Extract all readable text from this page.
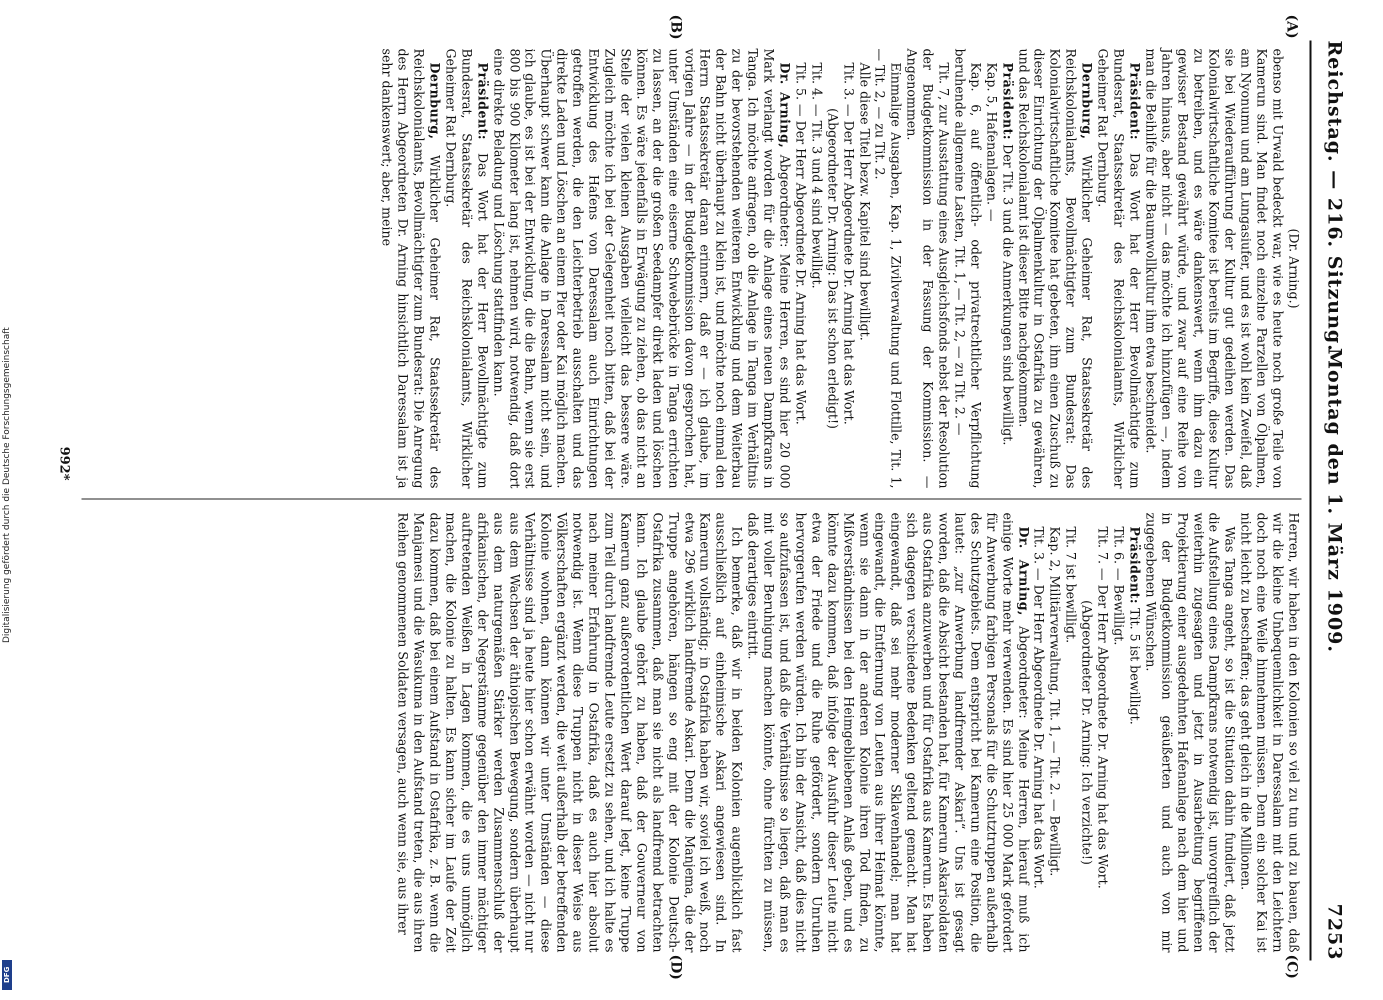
Reichstag. — 216. Sitzung.
Montag den 1. März 1909.
7253
(A)
(B)
(C)
(D)

(Dr. Arning.)

ebenso mit Urwald bedeckt war, wie es heute noch große Teile von Kamerun sind. Man findet noch einzelne Parzellen von Ölpalmen, am Nyonumu und am Lungasiufer, und es ist wohl kein Zweifel, daß sie bei Wiederaufführung der Kultur gut gedeihen werden. Das Kolonialwirtschaftliche Komitee ist bereits im Begriffe, diese Kultur zu betreiben, und es wäre dankenswert, wenn ihm dazu ein gewisser Bestand gewährt würde, und zwar auf eine Reihe von Jahren hinaus, aber nicht — das möchte ich hinzufügen —, indem man die Beihilfe für die Baumwollkultur ihm etwa beschneidet.

Präsident: Das Wort hat der Herr Bevollmächtigte zum Bundesrat, Staatssekretär des Reichskolonialamts, Wirklicher Geheimer Rat Dernburg.

Dernburg, Wirklicher Geheimer Rat, Staatssekretär des Reichskolonialamts, Bevollmächtigter zum Bundesrat: Das Kolonialwirtschaftliche Komitee hat gebeten, ihm einen Zuschuß zu dieser Einrichtung der Ölpalmenkultur in Ostafrika zu gewähren, und das Reichskolonialamt ist dieser Bitte nachgekommen.

Präsident: Der Tit. 3 und die Anmerkungen sind bewilligt.

Kap. 5, Hafenanlagen. —

Kap. 6, auf öffentlich- oder privatrechtlicher Verpflichtung beruhende allgemeine Lasten, Tit. 1, — Tit. 2, — zu Tit. 2. —

Tit. 7, zur Ausstattung eines Ausgleichsfonds nebst der Resolution der Budgetkommission in der Fassung der Kommission. — Angenommen.

Einmalige Ausgaben, Kap. 1, Zivilverwaltung und Flottille, Tit. 1, — Tit. 2, — zu Tit. 2.

Alle diese Titel bezw. Kapitel sind bewilligt.

Tit. 3. — Der Herr Abgeordnete Dr. Arning hat das Wort.

(Abgeordneter Dr. Arning: Das ist schon erledigt!)

Tit. 4. — Tit. 3 und 4 sind bewilligt.

Tit. 5. — Der Herr Abgeordnete Dr. Arning hat das Wort.

Dr. Arning, Abgeordneter: Meine Herren, es sind hier 20 000 Mark verlangt worden für die Anlage eines neuen Dampfkrans in Tanga. Ich möchte anfragen, ob die Anlage in Tanga im Verhältnis zu der bevorstehenden weiteren Entwicklung und dem Weiterbau der Bahn nicht überhaupt zu klein ist, und möchte noch einmal den Herrn Staatssekretär daran erinnern, daß er — ich glaube, im vorigen Jahre — in der Budgetkommission davon gesprochen hat, unter Umständen eine eiserne Schwebebrücke in Tanga errichten zu lassen, an der die großen Seedampfer direkt laden und löschen können. Es wäre jedenfalls in Erwägung zu ziehen, ob das nicht an Stelle der vielen kleinen Ausgaben vielleicht das bessere wäre. Zugleich möchte ich bei der Gelegenheit noch bitten, daß bei der Entwicklung des Hafens von Daressalam auch Einrichtungen getroffen werden, die den Leichterbetrieb ausschalten und das direkte Laden und Löschen an einem Pier oder Kai möglich machen. Überhaupt schwer kann die Anlage in Daressalam nicht sein, und ich glaube, es ist bei der Entwicklung, die die Bahn, wenn sie erst 800 bis 900 Kilometer lang ist, nehmen wird, notwendig, daß dort eine direkte Beladung und Löschung stattfinden kann.

Präsident: Das Wort hat der Herr Bevollmächtigte zum Bundesrat, Staatssekretär des Reichskolonialamts, Wirklicher Geheimer Rat Dernburg.

Dernburg, Wirklicher Geheimer Rat, Staatssekretär des Reichskolonialamts, Bevollmächtigter zum Bundesrat: Die Anregung des Herrn Abgeordneten Dr. Arning hinsichtlich Daressalam ist ja sehr dankenswert; aber, meine

Herren, wir haben in den Kolonien so viel zu tun und zu bauen, daß wir die kleine Unbequemlichkeit in Daressalam mit den Leichtern doch noch eine Weile hinnehmen müssen. Denn ein solcher Kai ist nicht leicht zu beschaffen; das geht gleich in die Millionen.

Was Tanga angeht, so ist die Situation dahin fundiert, daß jetzt die Aufstellung eines Dampfkrans notwendig ist, unvorgreiflich der weiterhin zugesagten und jetzt in Ausarbeitung begriffenen Projektierung einer ausgedehnten Hafenanlage nach dem hier und in der Budgetkommission geäußerten und auch von mir zugegebenen Wünschen.

Präsident: Tit. 5 ist bewilligt.

Tit. 6. — Bewilligt.

Tit. 7. — Der Herr Abgeordnete Dr. Arning hat das Wort.

(Abgeordneter Dr. Arning: Ich verzichte!)

Tit. 7 ist bewilligt.

Kap. 2, Militärverwaltung, Tit. 1, — Tit. 2. — Bewilligt.

Tit. 3. — Der Herr Abgeordnete Dr. Arning hat das Wort.

Dr. Arning, Abgeordneter: Meine Herren, hierauf muß ich einige Worte mehr verwenden. Es sind hier 25 000 Mark gefordert für Anwerbung farbigen Personals für die Schutztruppen außerhalb des Schutzgebiets. Dem entspricht bei Kamerun eine Position, die lautet: „zur Anwerbung landfremder Askari“. Uns ist gesagt worden, daß die Absicht bestanden hat, für Kamerun Askarisoldaten aus Ostafrika anzuwerben und für Ostafrika aus Kamerun. Es haben sich dagegen verschiedene Bedenken geltend gemacht. Man hat eingewandt, daß sei mehr moderner Sklavenhandel; man hat eingewandt, die Entfernung von Leuten aus ihrer Heimat könnte, wenn sie dann in der anderen Kolonie ihren Tod finden, zu Mißverständnissen bei den Heimgebliebenen Anlaß geben, und es könnte dazu kommen, daß infolge der Ausfuhr dieser Leute nicht etwa der Friede und die Ruhe gefördert, sondern Unruhen hervorgerufen werden würden. Ich bin der Ansicht, daß dies nicht so aufzufassen ist, und daß die Verhältnisse so liegen, daß man es mit voller Beruhigung machen könnte, ohne fürchten zu müssen, daß derartiges eintritt.

Ich bemerke, daß wir in beiden Kolonien augenblicklich fast ausschließlich auf einheimische Askari angewiesen sind. In Kamerun vollständig; in Ostafrika haben wir, soviel ich weiß, noch etwa 296 wirklich landfremde Askari. Denn die Manjema, die der Truppe angehören, hängen so eng mit der Kolonie Deutsch-Ostafrika zusammen, daß man sie nicht als landfremd betrachten kann. Ich glaube gehört zu haben, daß der Gouverneur von Kamerun ganz außerordentlichen Wert darauf legt, keine Truppe zum Teil durch landfremde Leute ersetzt zu sehen, und ich halte es nach meiner Erfahrung in Ostafrika, daß es auch hier absolut notwendig ist. Wenn diese Truppen nicht in dieser Weise aus Völkerschaften ergänzt werden, die weit außerhalb der betreffenden Kolonie wohnen, dann können wir unter Umständen — diese Verhältnisse sind ja heute hier schon erwähnt worden — nicht nur aus dem Wachsen der äthiopischen Bewegung, sondern überhaupt aus dem naturgemäßen Stärker werden Zusammenschluß der afrikanischen, der Negerstämme gegenüber den immer mächtiger auftretenden Weißen in Lagen kommen, die es uns unmöglich machen, die Kolonie zu halten. Es kann sicher im Laufe der Zeit dazu kommen, daß bei einem Aufstand in Ostafrika, z. B. wenn die Manjamesi und die Wasukuma in den Aufstand treten, die aus ihren Reihen genommenen Soldaten versagen, auch wenn sie, aus ihrer

992*
Digitalisierung gefördert durch die Deutsche Forschungsgemeinschaft
DFG
